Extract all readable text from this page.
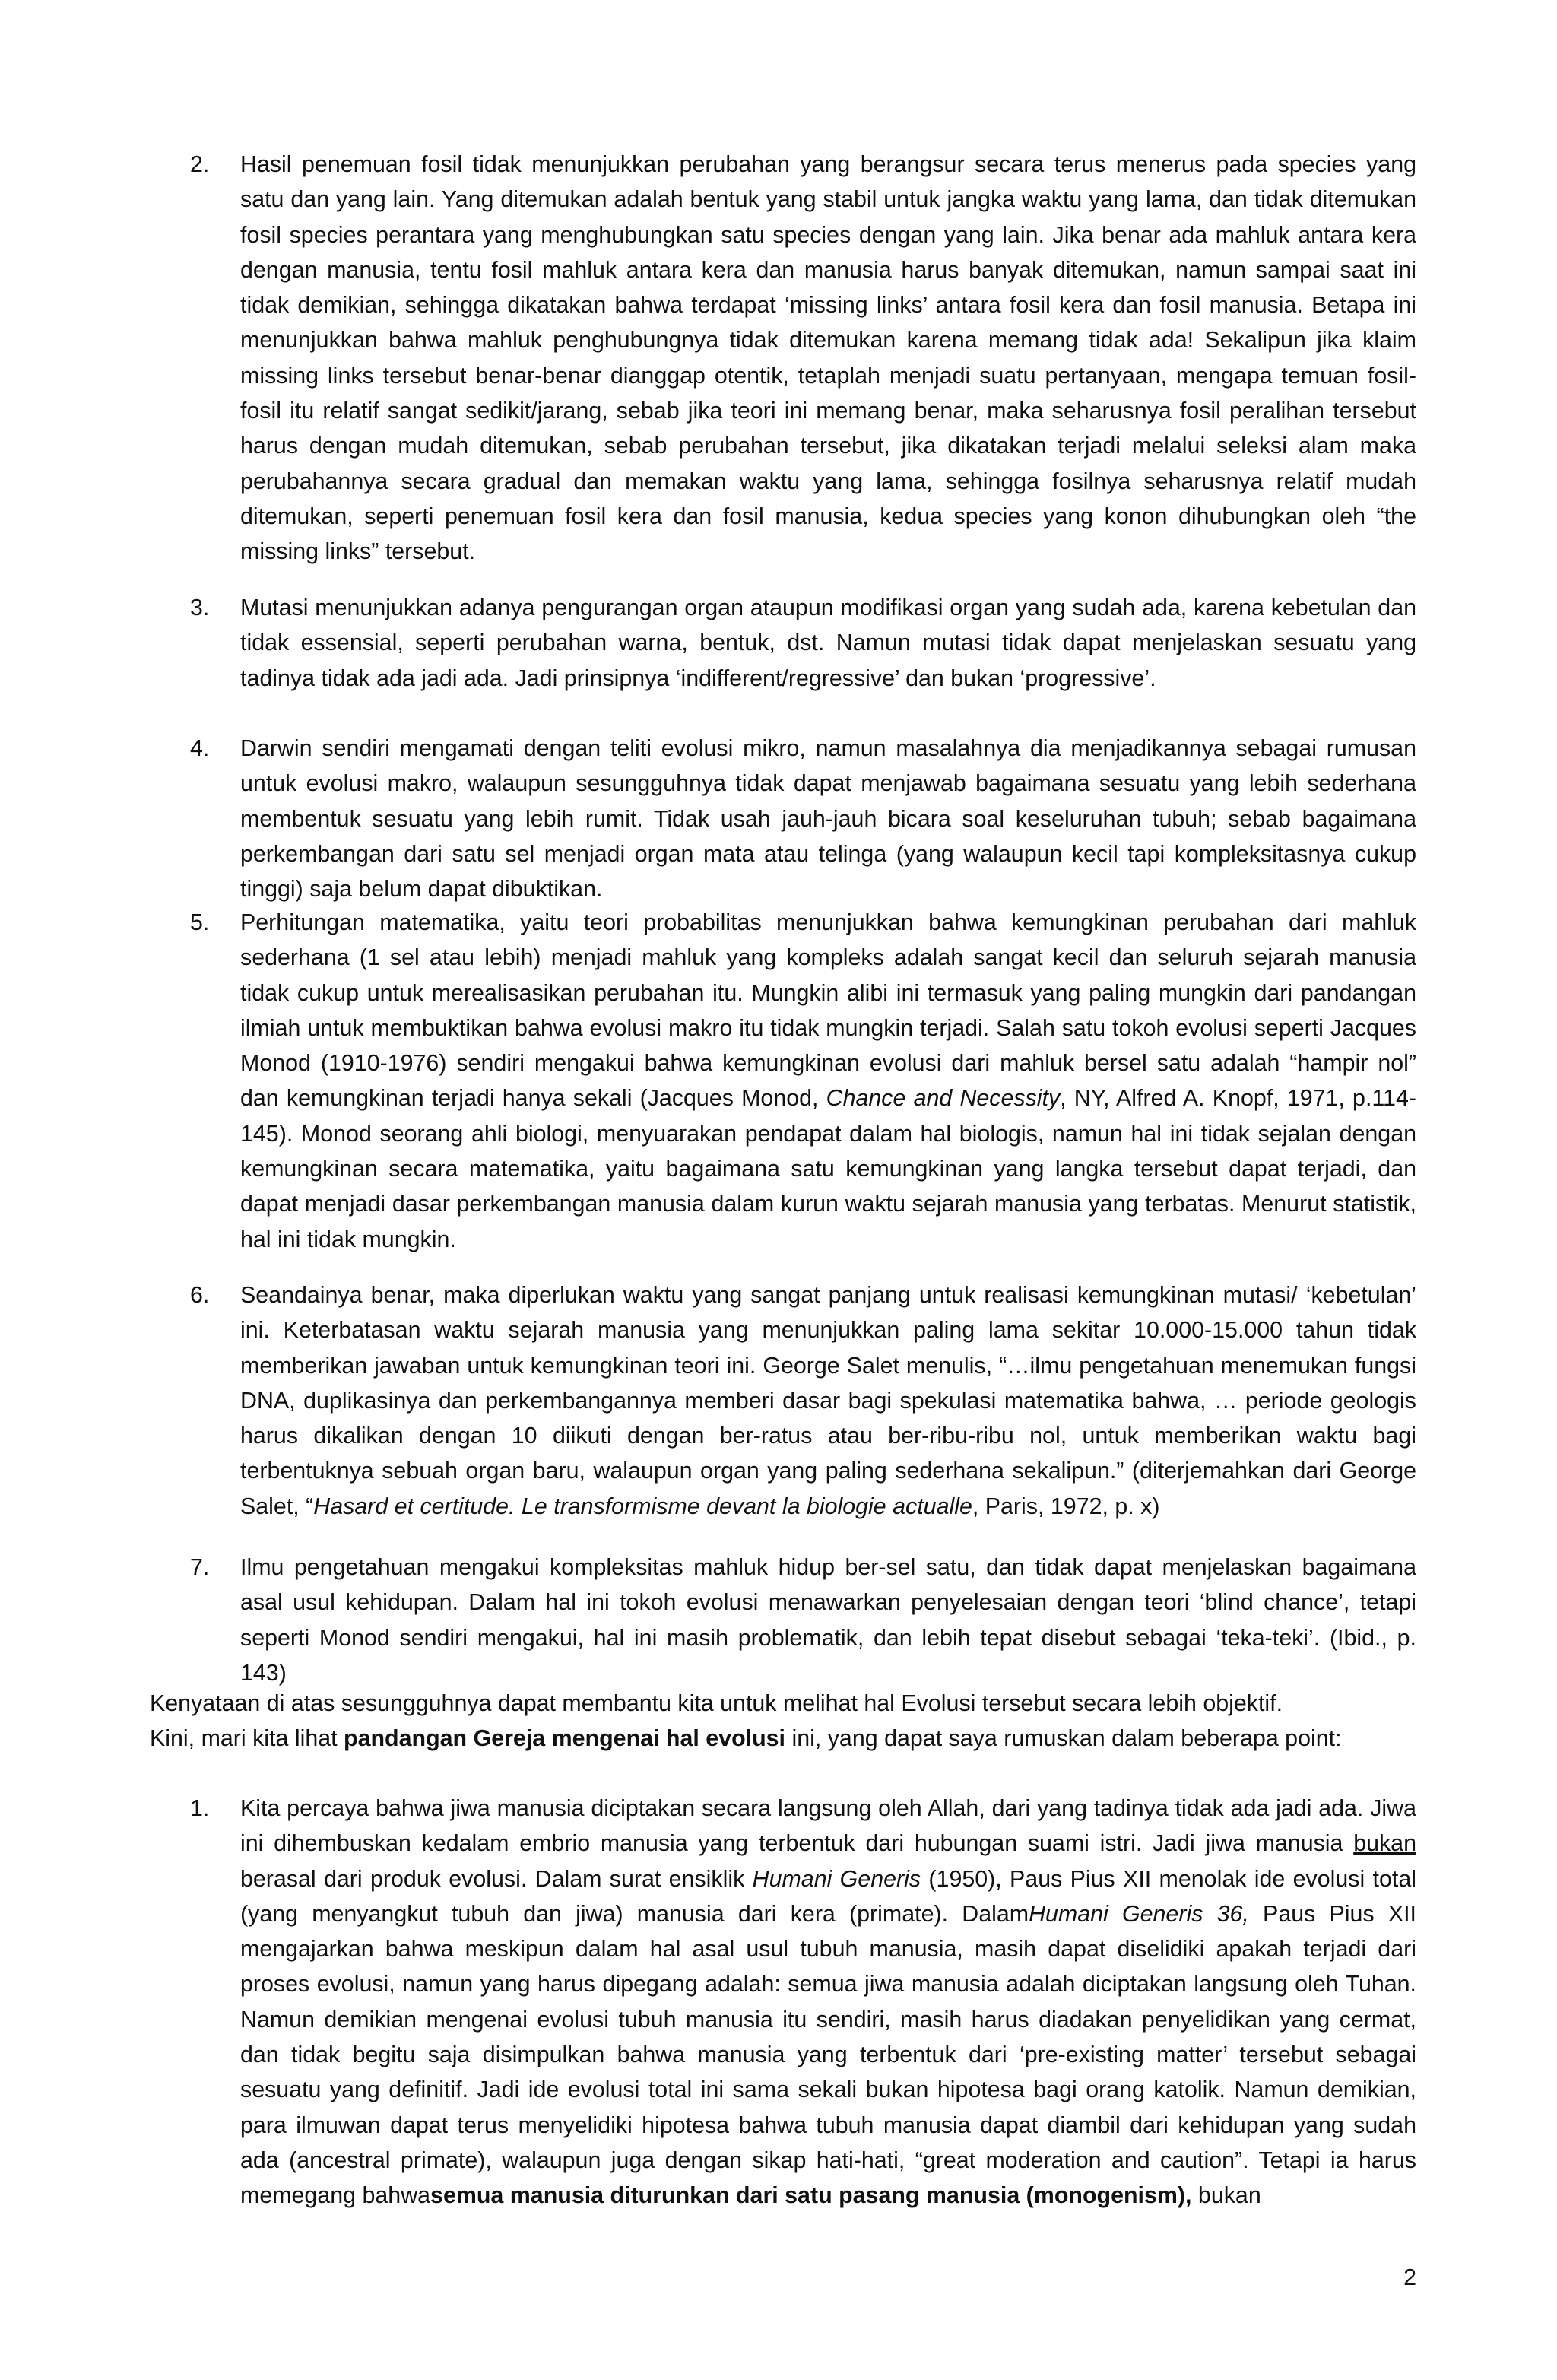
2.	Hasil penemuan fosil tidak menunjukkan perubahan yang berangsur secara terus menerus pada species yang satu dan yang lain. Yang ditemukan adalah bentuk yang stabil untuk jangka waktu yang lama, dan tidak ditemukan fosil species perantara yang menghubungkan satu species dengan yang lain. Jika benar ada mahluk antara kera dengan manusia, tentu fosil mahluk antara kera dan manusia harus banyak ditemukan, namun sampai saat ini tidak demikian, sehingga dikatakan bahwa terdapat ‘missing links’ antara fosil kera dan fosil manusia. Betapa ini menunjukkan bahwa mahluk penghubungnya tidak ditemukan karena memang tidak ada! Sekalipun jika klaim missing links tersebut benar-benar dianggap otentik, tetaplah menjadi suatu pertanyaan, mengapa temuan fosil-fosil itu relatif sangat sedikit/jarang, sebab jika teori ini memang benar, maka seharusnya fosil peralihan tersebut harus dengan mudah ditemukan, sebab perubahan tersebut, jika dikatakan terjadi melalui seleksi alam maka perubahannya secara gradual dan memakan waktu yang lama, sehingga fosilnya seharusnya relatif mudah ditemukan, seperti penemuan fosil kera dan fosil manusia, kedua species yang konon dihubungkan oleh “the missing links” tersebut.

3.	Mutasi menunjukkan adanya pengurangan organ ataupun modifikasi organ yang sudah ada, karena kebetulan dan tidak essensial, seperti perubahan warna, bentuk, dst. Namun mutasi tidak dapat menjelaskan sesuatu yang tadinya tidak ada jadi ada. Jadi prinsipnya ‘indifferent/regressive’ dan bukan ‘progressive’.

4.	Darwin sendiri mengamati dengan teliti evolusi mikro, namun masalahnya dia menjadikannya sebagai rumusan untuk evolusi makro, walaupun sesungguhnya tidak dapat menjawab bagaimana sesuatu yang lebih sederhana membentuk sesuatu yang lebih rumit. Tidak usah jauh-jauh bicara soal keseluruhan tubuh; sebab bagaimana perkembangan dari satu sel menjadi organ mata atau telinga (yang walaupun kecil tapi kompleksitasnya cukup tinggi) saja belum dapat dibuktikan.

5.	Perhitungan matematika, yaitu teori probabilitas menunjukkan bahwa kemungkinan perubahan dari mahluk sederhana (1 sel atau lebih) menjadi mahluk yang kompleks adalah sangat kecil dan seluruh sejarah manusia tidak cukup untuk merealisasikan perubahan itu. Mungkin alibi ini termasuk yang paling mungkin dari pandangan ilmiah untuk membuktikan bahwa evolusi makro itu tidak mungkin terjadi. Salah satu tokoh evolusi seperti Jacques Monod (1910-1976) sendiri mengakui bahwa kemungkinan evolusi dari mahluk bersel satu adalah “hampir nol” dan kemungkinan terjadi hanya sekali (Jacques Monod, Chance and Necessity, NY, Alfred A. Knopf, 1971, p.114-145). Monod seorang ahli biologi, menyuarakan pendapat dalam hal biologis, namun hal ini tidak sejalan dengan kemungkinan secara matematika, yaitu bagaimana satu kemungkinan yang langka tersebut dapat terjadi, dan dapat menjadi dasar perkembangan manusia dalam kurun waktu sejarah manusia yang terbatas. Menurut statistik, hal ini tidak mungkin.

6.	Seandainya benar, maka diperlukan waktu yang sangat panjang untuk realisasi kemungkinan mutasi/ ‘kebetulan’ ini. Keterbatasan waktu sejarah manusia yang menunjukkan paling lama sekitar 10.000-15.000 tahun tidak memberikan jawaban untuk kemungkinan teori ini. George Salet menulis, “…ilmu pengetahuan menemukan fungsi DNA, duplikasinya dan perkembangannya memberi dasar bagi spekulasi matematika bahwa, … periode geologis harus dikalikan dengan 10 diikuti dengan ber-ratus atau ber-ribu-ribu nol, untuk memberikan waktu bagi terbentuknya sebuah organ baru, walaupun organ yang paling sederhana sekalipun.” (diterjemahkan dari George Salet, “Hasard et certitude. Le transformisme devant la biologie actualle, Paris, 1972, p. x)

7.	Ilmu pengetahuan mengakui kompleksitas mahluk hidup ber-sel satu, dan tidak dapat menjelaskan bagaimana asal usul kehidupan. Dalam hal ini tokoh evolusi menawarkan penyelesaian dengan teori ‘blind chance’, tetapi seperti Monod sendiri mengakui, hal ini masih problematik, dan lebih tepat disebut sebagai ‘teka-teki’. (Ibid., p. 143)

Kenyataan di atas sesungguhnya dapat membantu kita untuk melihat hal Evolusi tersebut secara lebih objektif.

Kini, mari kita lihat pandangan Gereja mengenai hal evolusi ini, yang dapat saya rumuskan dalam beberapa point:

1.	Kita percaya bahwa jiwa manusia diciptakan secara langsung oleh Allah, dari yang tadinya tidak ada jadi ada. Jiwa ini dihembuskan kedalam embrio manusia yang terbentuk dari hubungan suami istri. Jadi jiwa manusia bukan berasal dari produk evolusi. Dalam surat ensiklik Humani Generis (1950), Paus Pius XII menolak ide evolusi total (yang menyangkut tubuh dan jiwa) manusia dari kera (primate). DalamHumani Generis 36, Paus Pius XII mengajarkan bahwa meskipun dalam hal asal usul tubuh manusia, masih dapat diselidiki apakah terjadi dari proses evolusi, namun yang harus dipegang adalah: semua jiwa manusia adalah diciptakan langsung oleh Tuhan. Namun demikian mengenai evolusi tubuh manusia itu sendiri, masih harus diadakan penyelidikan yang cermat, dan tidak begitu saja disimpulkan bahwa manusia yang terbentuk dari ‘pre-existing matter’ tersebut sebagai sesuatu yang definitif. Jadi ide evolusi total ini sama sekali bukan hipotesa bagi orang katolik. Namun demikian, para ilmuwan dapat terus menyelidiki hipotesa bahwa tubuh manusia dapat diambil dari kehidupan yang sudah ada (ancestral primate), walaupun juga dengan sikap hati-hati, “great moderation and caution”. Tetapi ia harus memegang bahwasemua manusia diturunkan dari satu pasang manusia (monogenism), bukan

2
